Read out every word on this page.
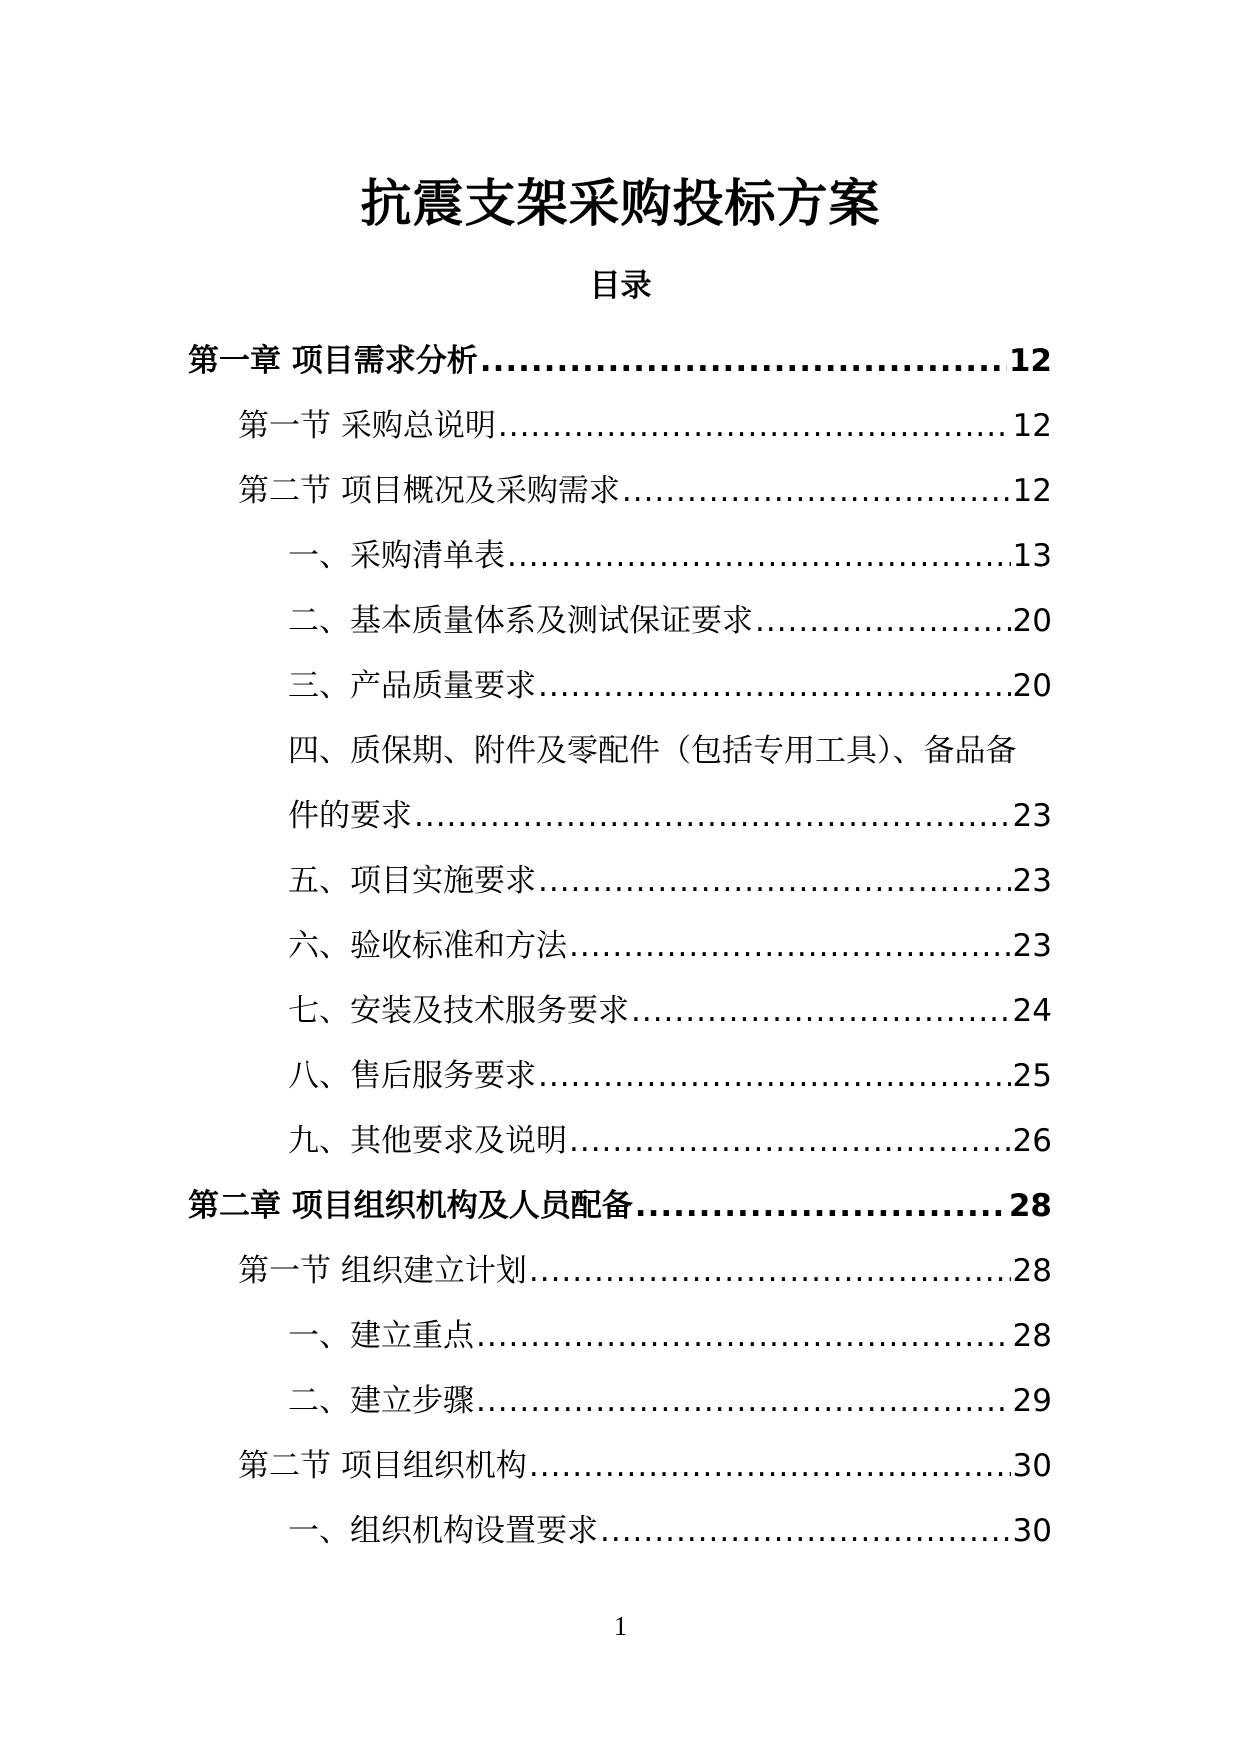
抗震支架采购投标方案
目录
第一章 项目需求分析 .....	12
第一节 采购总说明 .....	12
第二节 项目概况及采购需求 .....	12
一、采购清单表 .....	13
二、基本质量体系及测试保证要求 .....	20
三、产品质量要求 .....	20
四、质保期、附件及零配件（包括专用工具）、备品备
件的要求 .....	23
五、项目实施要求 .....	23
六、验收标准和方法 .....	23
七、安装及技术服务要求 .....	24
八、售后服务要求 .....	25
九、其他要求及说明 .....	26
第二章 项目组织机构及人员配备 .....	28
第一节 组织建立计划 .....	28
一、建立重点 .....	28
二、建立步骤 .....	29
第二节 项目组织机构 .....	30
一、组织机构设置要求 .....	30
1
